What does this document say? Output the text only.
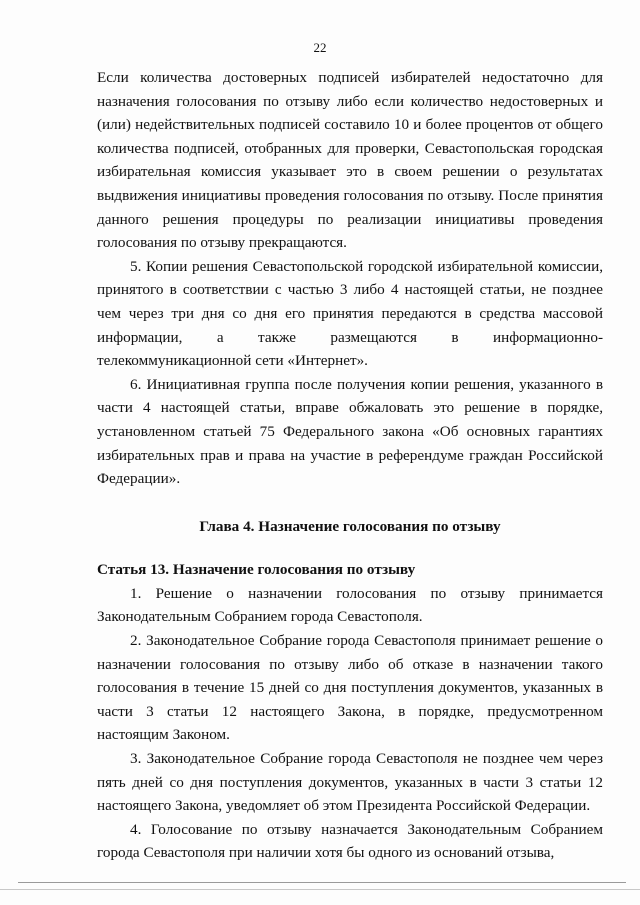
22

Если количества достоверных подписей избирателей недостаточно для назначения голосования по отзыву либо если количество недостоверных и (или) недействительных подписей составило 10 и более процентов от общего количества подписей, отобранных для проверки, Севастопольская городская избирательная комиссия указывает это в своем решении о результатах выдвижения инициативы проведения голосования по отзыву. После принятия данного решения процедуры по реализации инициативы проведения голосования по отзыву прекращаются.

5. Копии решения Севастопольской городской избирательной комиссии, принятого в соответствии с частью 3 либо 4 настоящей статьи, не позднее чем через три дня со дня его принятия передаются в средства массовой информации, а также размещаются в информационно-телекоммуникационной сети «Интернет».

6. Инициативная группа после получения копии решения, указанного в части 4 настоящей статьи, вправе обжаловать это решение в порядке, установленном статьей 75 Федерального закона «Об основных гарантиях избирательных прав и права на участие в референдуме граждан Российской Федерации».

Глава 4. Назначение голосования по отзыву

Статья 13. Назначение голосования по отзыву

1. Решение о назначении голосования по отзыву принимается Законодательным Собранием города Севастополя.

2. Законодательное Собрание города Севастополя принимает решение о назначении голосования по отзыву либо об отказе в назначении такого голосования в течение 15 дней со дня поступления документов, указанных в части 3 статьи 12 настоящего Закона, в порядке, предусмотренном настоящим Законом.

3. Законодательное Собрание города Севастополя не позднее чем через пять дней со дня поступления документов, указанных в части 3 статьи 12 настоящего Закона, уведомляет об этом Президента Российской Федерации.

4. Голосование по отзыву назначается Законодательным Собранием города Севастополя при наличии хотя бы одного из оснований отзыва,
